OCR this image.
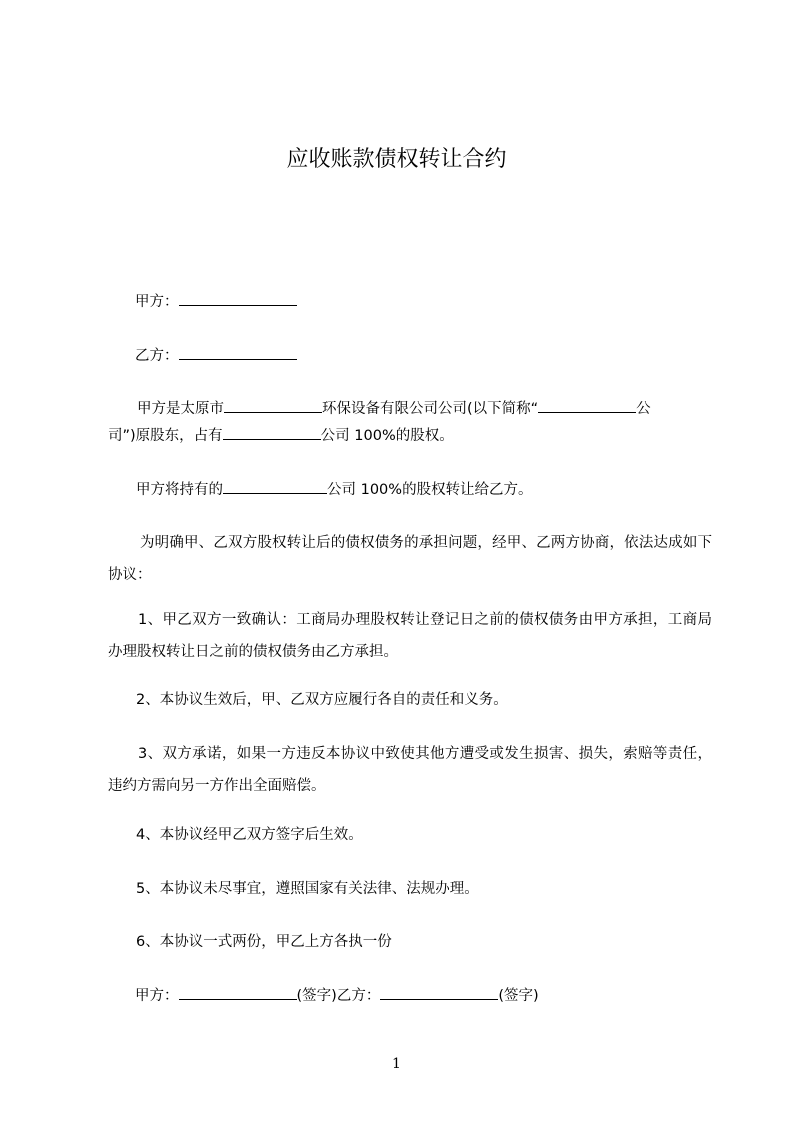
应收账款债权转让合约
甲方：
乙方：
甲方是太原市	环保设备有限公司公司(以下简称“	公
司”)原股东，占有	公司 100%的股权。
甲方将持有的	公司 100%的股权转让给乙方。
为明确甲、乙双方股权转让后的债权债务的承担问题，经甲、乙两方协商，依法达成如下协议：
1、甲乙双方一致确认：工商局办理股权转让登记日之前的债权债务由甲方承担，工商局办理股权转让日之前的债权债务由乙方承担。
2、本协议生效后，甲、乙双方应履行各自的责任和义务。
3、双方承诺，如果一方违反本协议中致使其他方遭受或发生损害、损失，索赔等责任，违约方需向另一方作出全面赔偿。
4、本协议经甲乙双方签字后生效。
5、本协议未尽事宜，遵照国家有关法律、法规办理。
6、本协议一式两份，甲乙上方各执一份
甲方：	(签字)乙方：	(签字)
1
